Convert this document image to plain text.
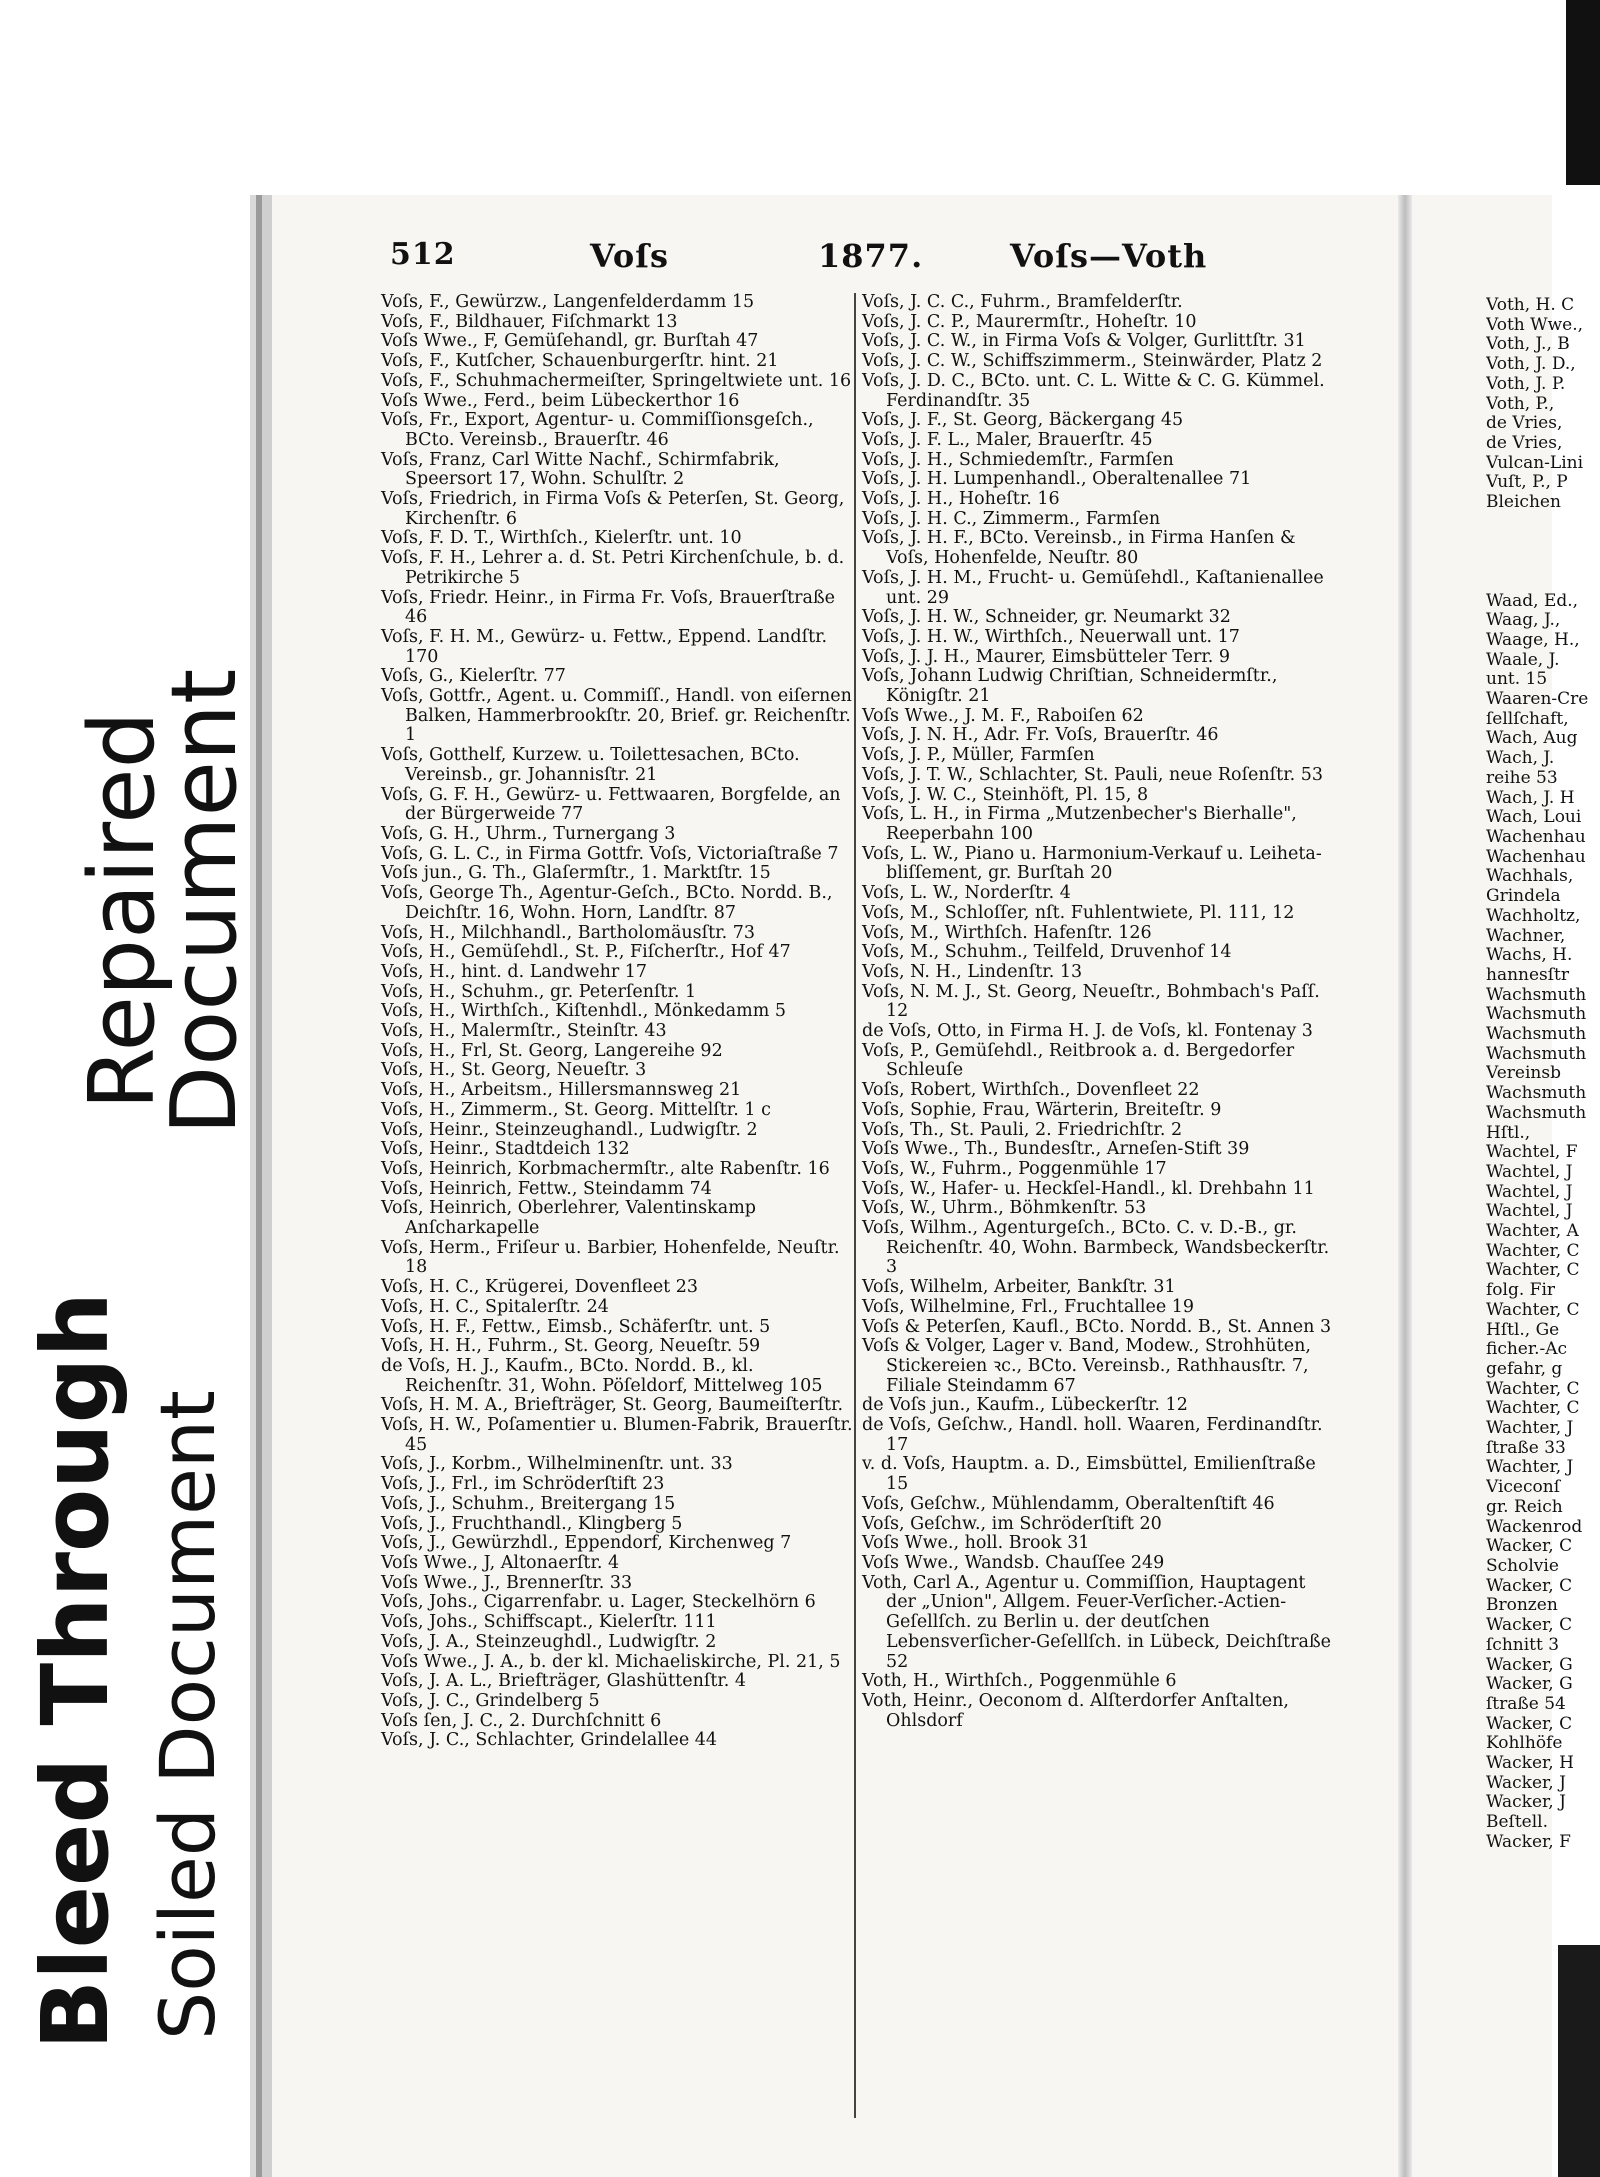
512	Voſs	1877.	Voſs—Voth
Voſs, F., Gewürzw., Langenfelderdamm 15
Voſs, F., Bildhauer, Fiſchmarkt 13
Voſs Wwe., F, Gemüſehandl, gr. Burſtah 47
Voſs, F., Kutſcher, Schauenburgerſtr. hint. 21
Voſs, F., Schuhmachermeiſter, Springeltwiete unt. 16
Voſs Wwe., Ferd., beim Lübeckerthor 16
Voſs, Fr., Export, Agentur- u. Commiſſionsgeſch., BCto. Vereinsb., Brauerſtr. 46
Voſs, Franz, Carl Witte Nachf., Schirmfabrik, Speersort 17, Wohn. Schulſtr. 2
Voſs, Friedrich, in Firma Voſs & Peterſen, St. Georg, Kirchenſtr. 6
Voſs, F. D. T., Wirthſch., Kielerſtr. unt. 10
Voſs, F. H., Lehrer a. d. St. Petri Kirchenſchule, b. d. Petrikirche 5
Voſs, Friedr. Heinr., in Firma Fr. Voſs, Brauerſtraße 46
Voſs, F. H. M., Gewürz- u. Fettw., Eppend. Landſtr. 170
Voſs, G., Kielerſtr. 77
Voſs, Gottfr., Agent. u. Commiſſ., Handl. von eiſernen Balken, Hammerbrookſtr. 20, Brief. gr. Reichenſtr. 1
Voſs, Gotthelf, Kurzew. u. Toilettesachen, BCto. Vereinsb., gr. Johannisſtr. 21
Voſs, G. F. H., Gewürz- u. Fettwaaren, Borgfelde, an der Bürgerweide 77
Voſs, G. H., Uhrm., Turnergang 3
Voſs, G. L. C., in Firma Gottfr. Voſs, Victoriaſtraße 7
Voſs jun., G. Th., Glaſermſtr., 1. Marktſtr. 15
Voſs, George Th., Agentur-Geſch., BCto. Nordd. B., Deichſtr. 16, Wohn. Horn, Landſtr. 87
Voſs, H., Milchhandl., Bartholomäusſtr. 73
Voſs, H., Gemüſehdl., St. P., Fiſcherſtr., Hof 47
Voſs, H., hint. d. Landwehr 17
Voſs, H., Schuhm., gr. Peterſenſtr. 1
Voſs, H., Wirthſch., Kiſtenhdl., Mönkedamm 5
Voſs, H., Malermſtr., Steinſtr. 43
Voſs, H., Frl, St. Georg, Langereihe 92
Voſs, H., St. Georg, Neueſtr. 3
Voſs, H., Arbeitsm., Hillersmannsweg 21
Voſs, H., Zimmerm., St. Georg. Mittelſtr. 1 c
Voſs, Heinr., Steinzeughandl., Ludwigſtr. 2
Voſs, Heinr., Stadtdeich 132
Voſs, Heinrich, Korbmachermſtr., alte Rabenſtr. 16
Voſs, Heinrich, Fettw., Steindamm 74
Voſs, Heinrich, Oberlehrer, Valentinskamp Anſcharkapelle
Voſs, Herm., Friſeur u. Barbier, Hohenfelde, Neuſtr. 18
Voſs, H. C., Krügerei, Dovenfleet 23
Voſs, H. C., Spitalerſtr. 24
Voſs, H. F., Fettw., Eimsb., Schäferſtr. unt. 5
Voſs, H. H., Fuhrm., St. Georg, Neueſtr. 59
de Voſs, H. J., Kaufm., BCto. Nordd. B., kl. Reichenſtr. 31, Wohn. Pöſeldorf, Mittelweg 105
Voſs, H. M. A., Briefträger, St. Georg, Baumeiſterſtr.
Voſs, H. W., Poſamentier u. Blumen-Fabrik, Brauerſtr. 45
Voſs, J., Korbm., Wilhelminenſtr. unt. 33
Voſs, J., Frl., im Schröderſtift 23
Voſs, J., Schuhm., Breitergang 15
Voſs, J., Fruchthandl., Klingberg 5
Voſs, J., Gewürzhdl., Eppendorf, Kirchenweg 7
Voſs Wwe., J, Altonaerſtr. 4
Voſs Wwe., J., Brennerſtr. 33
Voſs, Johs., Cigarrenfabr. u. Lager, Steckelhörn 6
Voſs, Johs., Schiffscapt., Kielerſtr. 111
Voſs, J. A., Steinzeughdl., Ludwigſtr. 2
Voſs Wwe., J. A., b. der kl. Michaeliskirche, Pl. 21, 5
Voſs, J. A. L., Briefträger, Glashüttenſtr. 4
Voſs, J. C., Grindelberg 5
Voſs ſen, J. C., 2. Durchſchnitt 6
Voſs, J. C., Schlachter, Grindelallee 44
Voſs, J. C. C., Fuhrm., Bramfelderſtr.
Voſs, J. C. P., Maurermſtr., Hoheſtr. 10
Voſs, J. C. W., in Firma Voſs & Volger, Gurlittſtr. 31
Voſs, J. C. W., Schiffszimmerm., Steinwärder, Platz 2
Voſs, J. D. C., BCto. unt. C. L. Witte & C. G. Kümmel. Ferdinandſtr. 35
Voſs, J. F., St. Georg, Bäckergang 45
Voſs, J. F. L., Maler, Brauerſtr. 45
Voſs, J. H., Schmiedemſtr., Farmſen
Voſs, J. H. Lumpenhandl., Oberaltenallee 71
Voſs, J. H., Hoheſtr. 16
Voſs, J. H. C., Zimmerm., Farmſen
Voſs, J. H. F., BCto. Vereinsb., in Firma Hanſen & Voſs, Hohenfelde, Neuſtr. 80
Voſs, J. H. M., Frucht- u. Gemüſehdl., Kaſtanienallee unt. 29
Voſs, J. H. W., Schneider, gr. Neumarkt 32
Voſs, J. H. W., Wirthſch., Neuerwall unt. 17
Voſs, J. J. H., Maurer, Eimsbütteler Terr. 9
Voſs, Johann Ludwig Chriſtian, Schneidermſtr., Königſtr. 21
Voſs Wwe., J. M. F., Raboiſen 62
Voſs, J. N. H., Adr. Fr. Voſs, Brauerſtr. 46
Voſs, J. P., Müller, Farmſen
Voſs, J. T. W., Schlachter, St. Pauli, neue Roſenſtr. 53
Voſs, J. W. C., Steinhöft, Pl. 15, 8
Voſs, L. H., in Firma „Mutzenbecher's Bierhalle", Reeperbahn 100
Voſs, L. W., Piano u. Harmonium-Verkauf u. Leihetabliſſement, gr. Burſtah 20
Voſs, L. W., Norderſtr. 4
Voſs, M., Schloſſer, nſt. Fuhlentwiete, Pl. 111, 12
Voſs, M., Wirthſch. Hafenſtr. 126
Voſs, M., Schuhm., Teilfeld, Druvenhof 14
Voſs, N. H., Lindenſtr. 13
Voſs, N. M. J., St. Georg, Neueſtr., Bohmbach's Paſſ. 12
de Voſs, Otto, in Firma H. J. de Voſs, kl. Fontenay 3
Voſs, P., Gemüſehdl., Reitbrook a. d. Bergedorfer Schleuſe
Voſs, Robert, Wirthſch., Dovenfleet 22
Voſs, Sophie, Frau, Wärterin, Breiteſtr. 9
Voſs, Th., St. Pauli, 2. Friedrichſtr. 2
Voſs Wwe., Th., Bundesſtr., Arneſen-Stift 39
Voſs, W., Fuhrm., Poggenmühle 17
Voſs, W., Hafer- u. Heckſel-Handl., kl. Drehbahn 11
Voſs, W., Uhrm., Böhmkenſtr. 53
Voſs, Wilhm., Agenturgeſch., BCto. C. v. D.-B., gr. Reichenſtr. 40, Wohn. Barmbeck, Wandsbeckerſtr. 3
Voſs, Wilhelm, Arbeiter, Bankſtr. 31
Voſs, Wilhelmine, Frl., Fruchtallee 19
Voſs & Peterſen, Kaufl., BCto. Nordd. B., St. Annen 3
Voſs & Volger, Lager v. Band, Modew., Strohhüten, Stickereien ꝛc., BCto. Vereinsb., Rathhausſtr. 7, Filiale Steindamm 67
de Voſs jun., Kaufm., Lübeckerſtr. 12
de Voſs, Geſchw., Handl. holl. Waaren, Ferdinandſtr. 17
v. d. Voſs, Hauptm. a. D., Eimsbüttel, Emilienſtraße 15
Voſs, Geſchw., Mühlendamm, Oberaltenſtift 46
Voſs, Geſchw., im Schröderſtift 20
Voſs Wwe., holl. Brook 31
Voſs Wwe., Wandsb. Chauſſee 249
Voth, Carl A., Agentur u. Commiſſion, Hauptagent der „Union", Allgem. Feuer-Verſicher.-Actien-Geſellſch. zu Berlin u. der deutſchen Lebensverſicher-Geſellſch. in Lübeck, Deichſtraße 52
Voth, H., Wirthſch., Poggenmühle 6
Voth, Heinr., Oeconom d. Alſterdorfer Anſtalten, Ohlsdorf
Voth, H. C
Voth Wwe.,
Voth, J., B
Voth, J. D.,
Voth, J. P.
Voth, P.,
de Vries,
de Vries,
Vulcan-Lini
Vuſt, P., P
Bleichen

Waad, Ed.,
Waag, J.,
Waage, H.,
Waale, J.
unt. 15
Waaren-Cre
ſellſchaft,
Wach, Aug
Wach, J.
reihe 53
Wach, J. H
Wach, Loui
Wachenhau
Wachenhau
Wachhals,
Grindela
Wachholtz,
Wachner,
Wachs, H.
hannesſtr
Wachsmuth
Wachsmuth
Wachsmuth
Wachsmuth
Vereinsb
Wachsmuth
Wachsmuth
Hſtl.,
Wachtel, F
Wachtel, J
Wachtel, J
Wachtel, J
Wachter, A
Wachter, C
Wachter, C
folg. Fir
Wachter, C
Hſtl., Ge
ficher.-Ac
gefahr, g
Wachter, C
Wachter, C
Wachter, J
ſtraße 33
Wachter, J
Viceconſ
gr. Reich
Wackenrod
Wacker, C
Scholvie
Wacker, C
Bronzen
Wacker, C
ſchnitt 3
Wacker, G
Wacker, G
ſtraße 54
Wacker, C
Kohlhöfe
Wacker, H
Wacker, J
Wacker, J
Beſtell.
Wacker, F
Repaired
Document
Bleed Through Soiled Document
